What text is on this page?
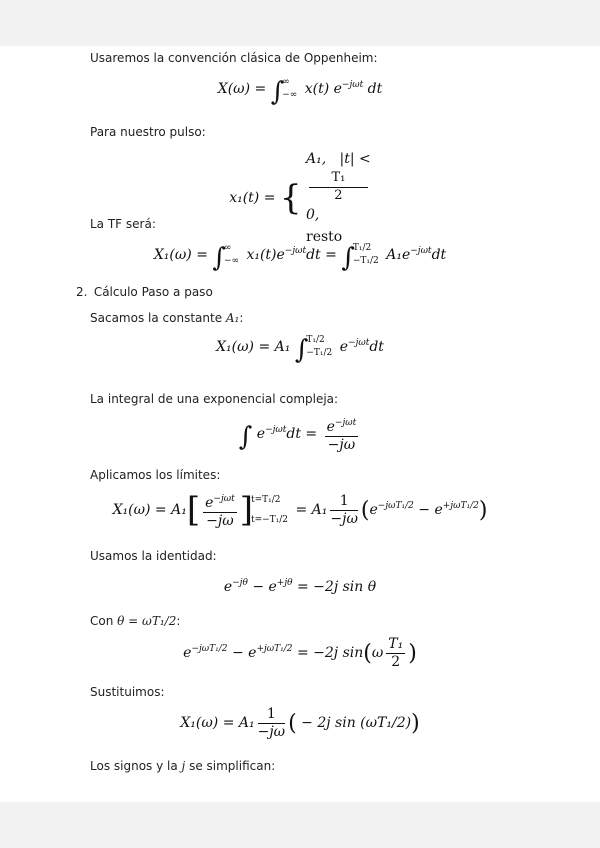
Usaremos la convención clásica de Oppenheim:
X(ω) = ∫
∞
−∞ x(t) $e^{-j\omega t}$ dt
Para nuestro pulso:
x₁(t) = {
A₁, |t| <
T₁
2
0,
resto
La TF será:
X₁(ω) = ∫
∞
−∞ $x_1(t)e^{-j\omega t}dt$ = ∫
T₁/2
−T₁/2 $A_1e^{-j\omega t}dt$
2. Cálculo Paso a paso
Sacamos la constante A₁:
X₁(ω) = A₁ ∫
T₁/2
−T₁/2 $e^{-j\omega t}dt$
La integral de una exponencial compleja:
∫ $e^{-j\omega t}dt = \frac{e^{-j\omega t}}{-j\omega}$
Aplicamos los límites:
$X_1(\omega) = A_1[ \frac{e^{-j\omega t}}{-j\omega}$ ]
t=T₁/2
t=−T₁/2
= $A_1 \frac{1}{-j\omega} (e^{-j\omega T_1/2} - e^{+j\omega T_1/2})$
Usamos la identidad:
$e^{-j\theta} - e^{+j\theta} = -2j$ sin θ
Con θ = ωT₁/2:
$e^{-j\omega T_1/2} - e^{+j\omega T_1/2} = -2j$ $\sin(\omega \frac{\text{T₁}}{2}$ )
Sustituimos:
$X_1(\omega) = A_1 \frac{1}{-j\omega}$ ( − 2j sin (ωT₁/2))
Los signos y la j se simplifican:
